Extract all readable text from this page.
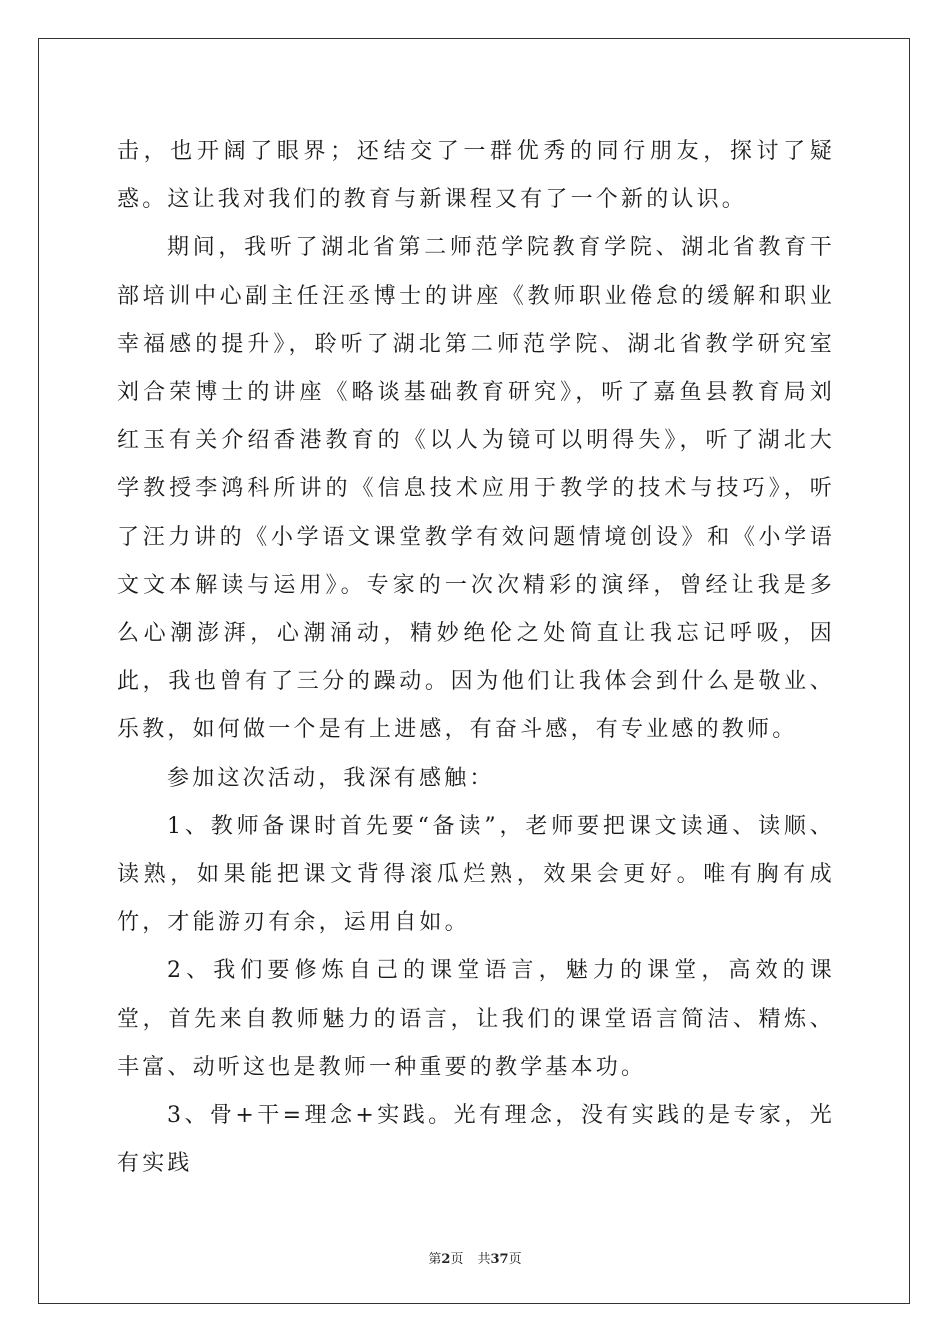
击，也开阔了眼界；还结交了一群优秀的同行朋友，探讨了疑惑。这让我对我们的教育与新课程又有了一个新的认识。

期间，我听了湖北省第二师范学院教育学院、湖北省教育干部培训中心副主任汪丞博士的讲座《教师职业倦怠的缓解和职业幸福感的提升》，聆听了湖北第二师范学院、湖北省教学研究室刘合荣博士的讲座《略谈基础教育研究》，听了嘉鱼县教育局刘红玉有关介绍香港教育的《以人为镜可以明得失》，听了湖北大学教授李鸿科所讲的《信息技术应用于教学的技术与技巧》，听了汪力讲的《小学语文课堂教学有效问题情境创设》和《小学语文文本解读与运用》。专家的一次次精彩的演绎，曾经让我是多么心潮澎湃，心潮涌动，精妙绝伦之处简直让我忘记呼吸，因此，我也曾有了三分的躁动。因为他们让我体会到什么是敬业、乐教，如何做一个是有上进感，有奋斗感，有专业感的教师。

参加这次活动，我深有感触：

1、教师备课时首先要“备读”，老师要把课文读通、读顺、读熟，如果能把课文背得滚瓜烂熟，效果会更好。唯有胸有成竹，才能游刃有余，运用自如。

2、我们要修炼自己的课堂语言，魅力的课堂，高效的课堂，首先来自教师魅力的语言，让我们的课堂语言简洁、精炼、丰富、动听这也是教师一种重要的教学基本功。

3、骨+干=理念+实践。光有理念，没有实践的是专家，光有实践

第2页 共37页
